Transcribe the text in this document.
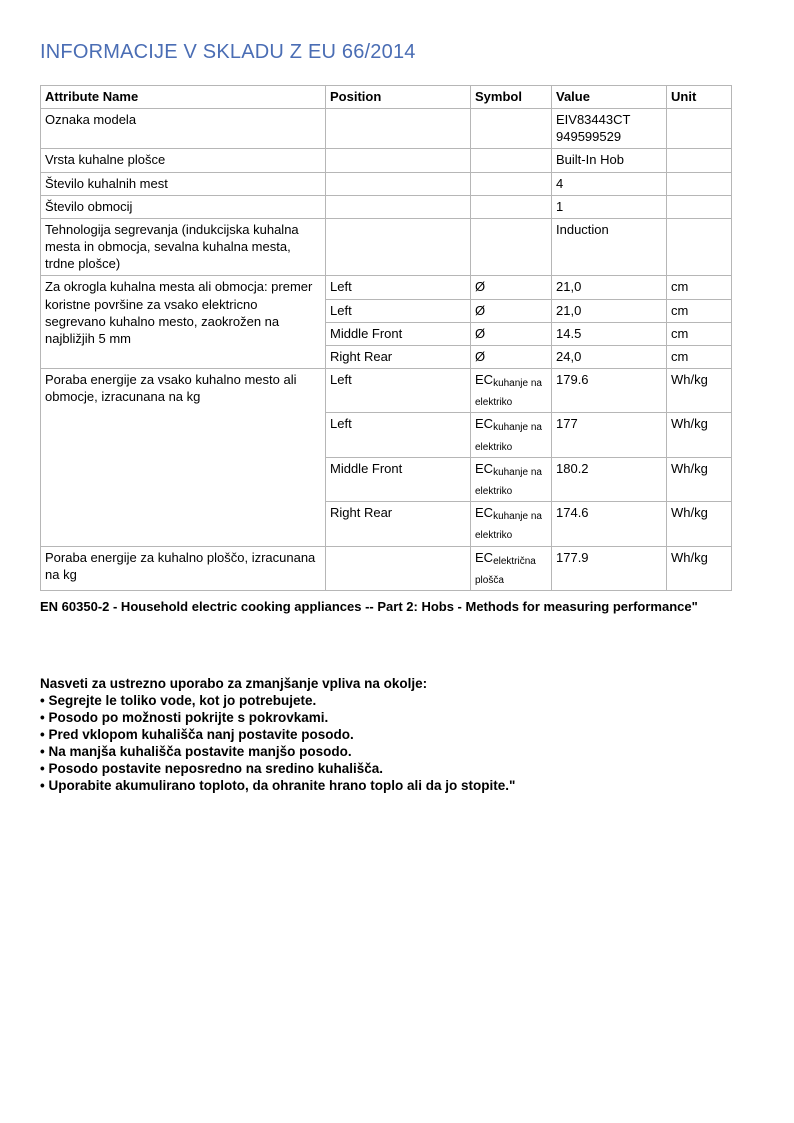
INFORMACIJE V SKLADU Z EU 66/2014
Attribute Name	Position	Symbol	Value	Unit
Oznaka modela			EIV83443CT
949599529	
Vrsta kuhalne plošce			Built-In Hob	
Število kuhalnih mest			4	
Število obmocij			1	
Tehnologija segrevanja (indukcijska kuhalna mesta in obmocja, sevalna kuhalna mesta, trdne plošce)			Induction	
Za okrogla kuhalna mesta ali obmocja: premer koristne površine za vsako elektricno segrevano kuhalno mesto, zaokrožen na najbližjih 5 mm	Left	Ø	21,0	cm
	Left	Ø	21,0	cm
	Middle Front	Ø	14.5	cm
	Right Rear	Ø	24,0	cm
Poraba energije za vsako kuhalno mesto ali obmocje, izracunana na kg	Left	ECkuhanje na elektriko	179.6	Wh/kg
	Left	ECkuhanje na elektriko	177	Wh/kg
	Middle Front	ECkuhanje na elektriko	180.2	Wh/kg
	Right Rear	ECkuhanje na elektriko	174.6	Wh/kg
Poraba energije za kuhalno ploščo, izracunana na kg		ECelektrična plošča	177.9	Wh/kg

EN 60350-2 - Household electric cooking appliances -- Part 2: Hobs - Methods for measuring performance"

Nasveti za ustrezno uporabo za zmanjšanje vpliva na okolje:

• Segrejte le toliko vode, kot jo potrebujete.

• Posodo po možnosti pokrijte s pokrovkami.

• Pred vklopom kuhališča nanj postavite posodo.

• Na manjša kuhališča postavite manjšo posodo.

• Posodo postavite neposredno na sredino kuhališča.

• Uporabite akumulirano toploto, da ohranite hrano toplo ali da jo stopite."
